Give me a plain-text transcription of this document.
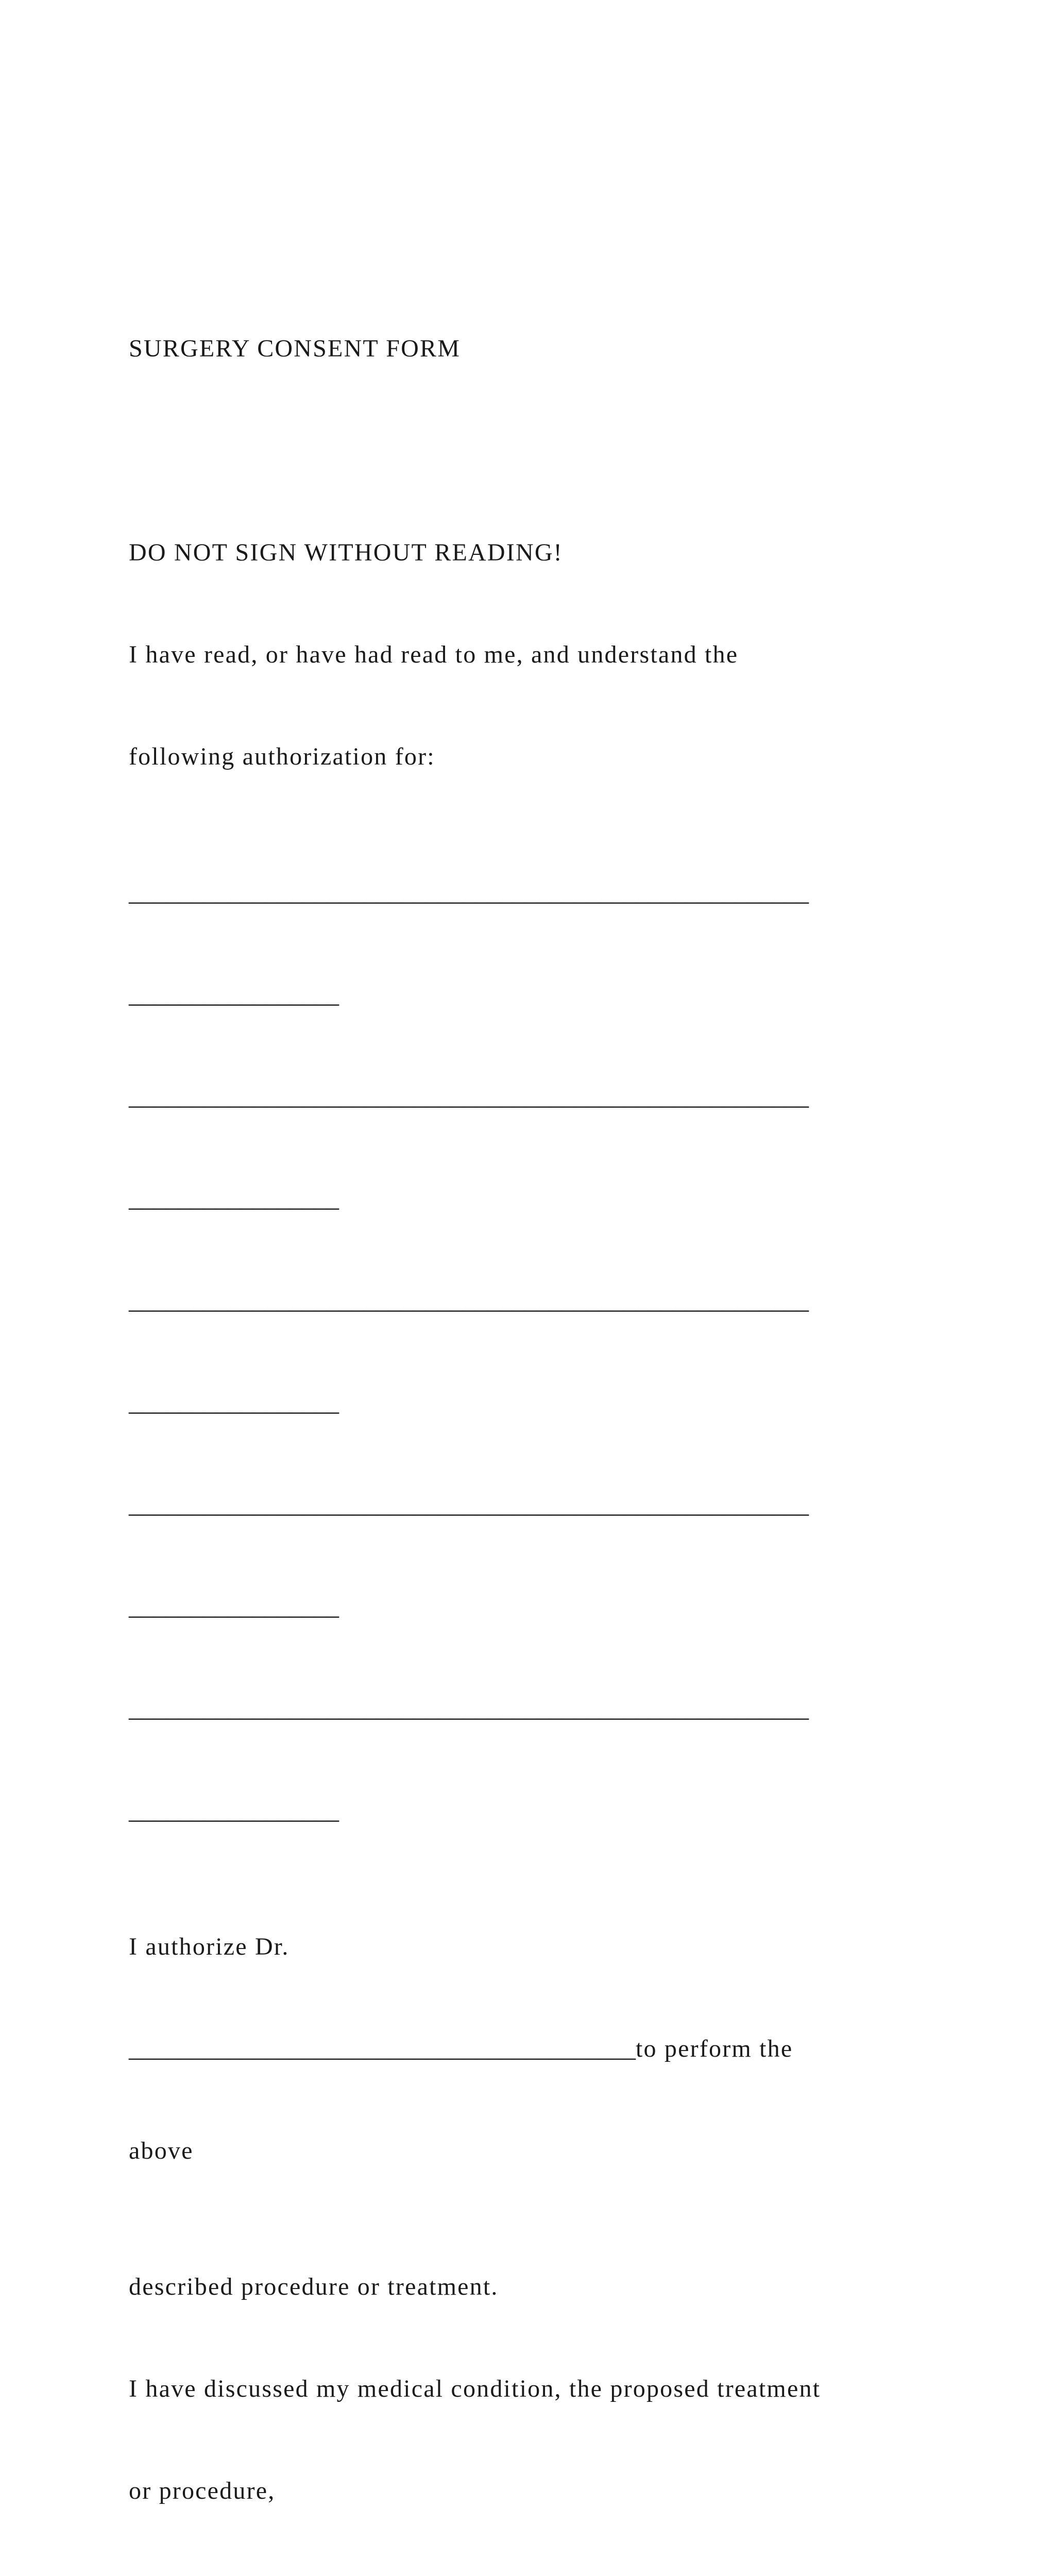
SURGERY CONSENT FORM

DO NOT SIGN WITHOUT READING!

I have read, or have had read to me, and understand the

following authorization for:

_______________________________________________________

_________________

_______________________________________________________

_________________

_______________________________________________________

_________________

_______________________________________________________

_________________

_______________________________________________________

_________________

I authorize Dr.

_________________________________________to perform the

above

described procedure or treatment.

I have discussed my medical condition, the proposed treatment

or procedure,
